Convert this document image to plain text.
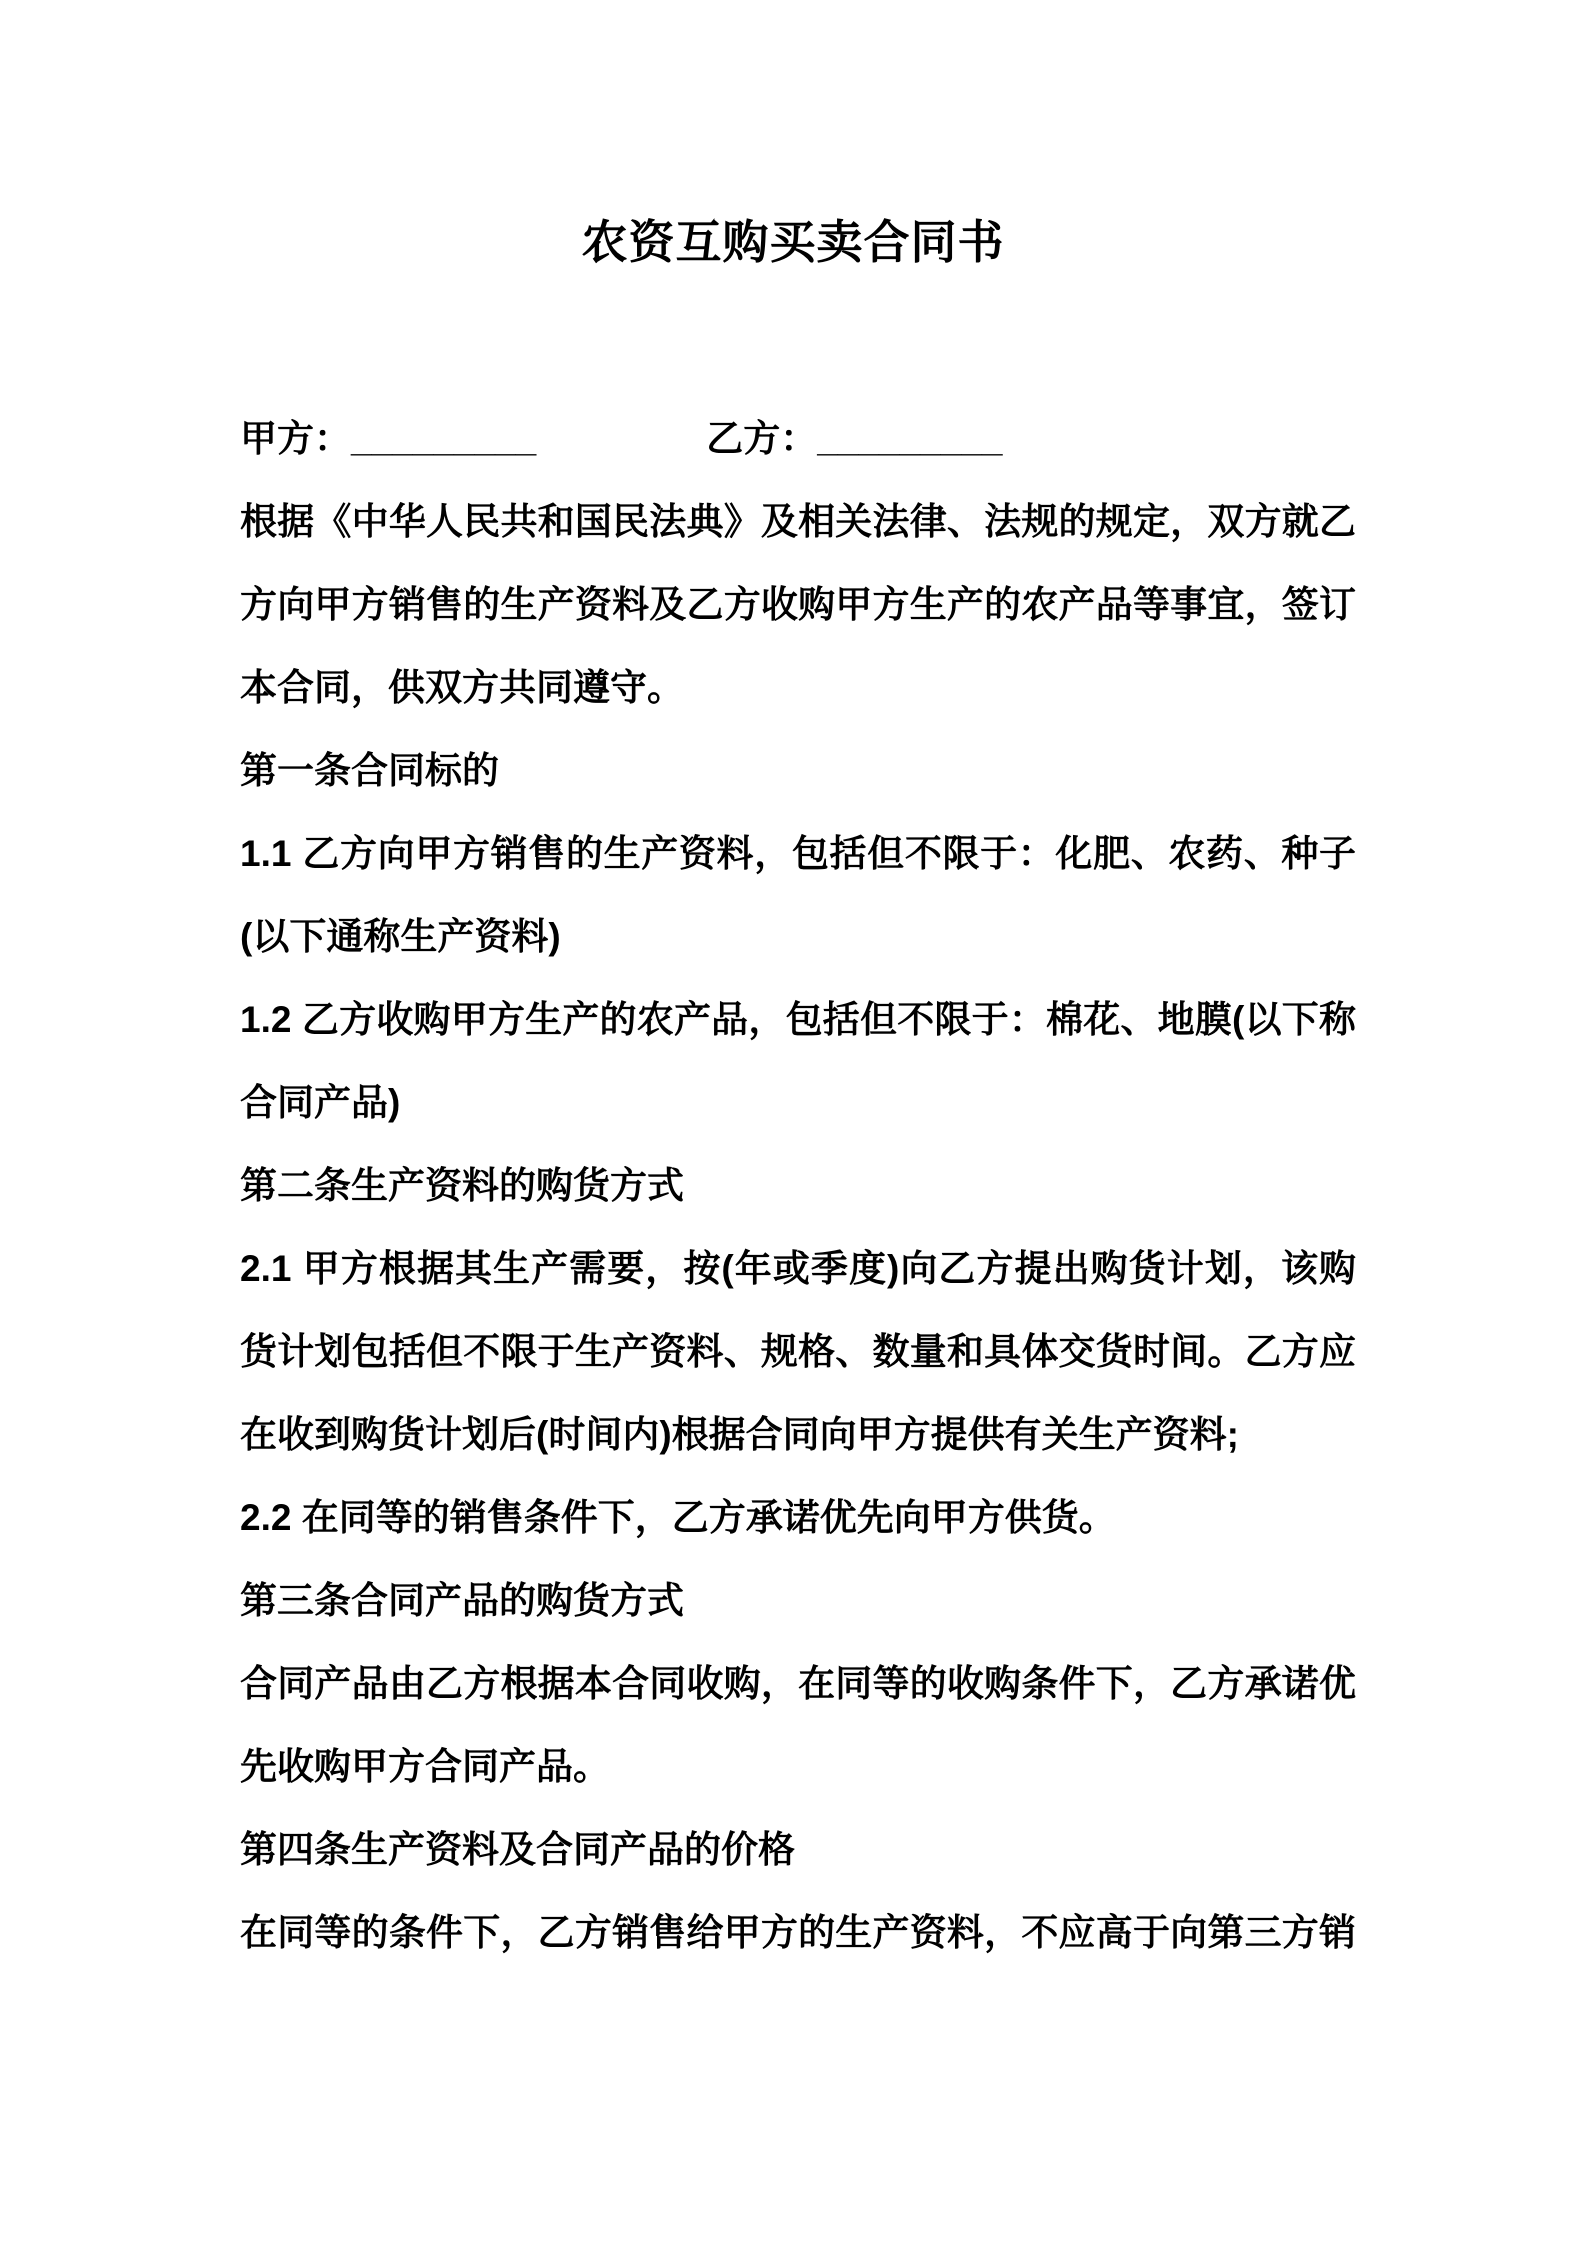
农资互购买卖合同书
甲方：_________	乙方：_________
根据《中华人民共和国民法典》及相关法律、法规的规定，双方就乙
方向甲方销售的生产资料及乙方收购甲方生产的农产品等事宜，签订
本合同，供双方共同遵守。
第一条合同标的
1.1 乙方向甲方销售的生产资料，包括但不限于：化肥、农药、种子
(以下通称生产资料)
1.2 乙方收购甲方生产的农产品，包括但不限于：棉花、地膜(以下称
合同产品)
第二条生产资料的购货方式
2.1 甲方根据其生产需要，按(年或季度)向乙方提出购货计划，该购
货计划包括但不限于生产资料、规格、数量和具体交货时间。乙方应
在收到购货计划后(时间内)根据合同向甲方提供有关生产资料;
2.2 在同等的销售条件下，乙方承诺优先向甲方供货。
第三条合同产品的购货方式
合同产品由乙方根据本合同收购，在同等的收购条件下，乙方承诺优
先收购甲方合同产品。
第四条生产资料及合同产品的价格
在同等的条件下，乙方销售给甲方的生产资料，不应高于向第三方销
